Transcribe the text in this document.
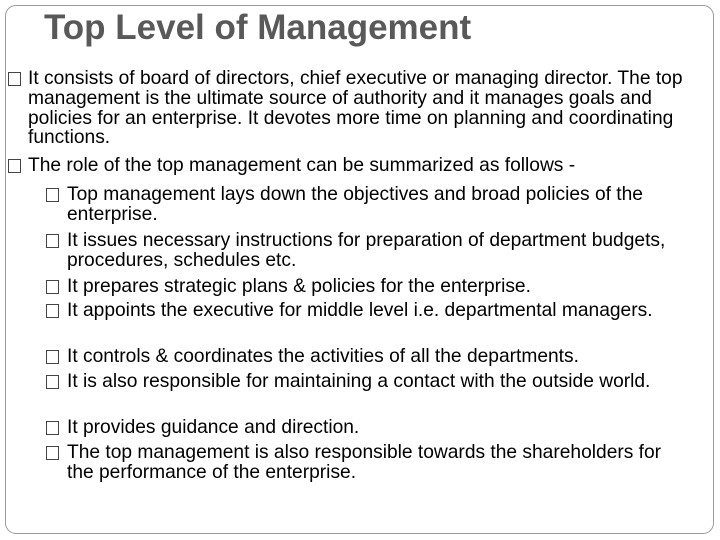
Top Level of Management
It consists of board of directors, chief executive or managing director. The top management is the ultimate source of authority and it manages goals and policies for an enterprise. It devotes more time on planning and coordinating functions.
The role of the top management can be summarized as follows -
Top management lays down the objectives and broad policies of the enterprise.
It issues necessary instructions for preparation of department budgets, procedures, schedules etc.
It prepares strategic plans & policies for the enterprise.
It appoints the executive for middle level i.e. departmental managers.
It controls & coordinates the activities of all the departments.
It is also responsible for maintaining a contact with the outside world.
It provides guidance and direction.
The top management is also responsible towards the shareholders for the performance of the enterprise.
